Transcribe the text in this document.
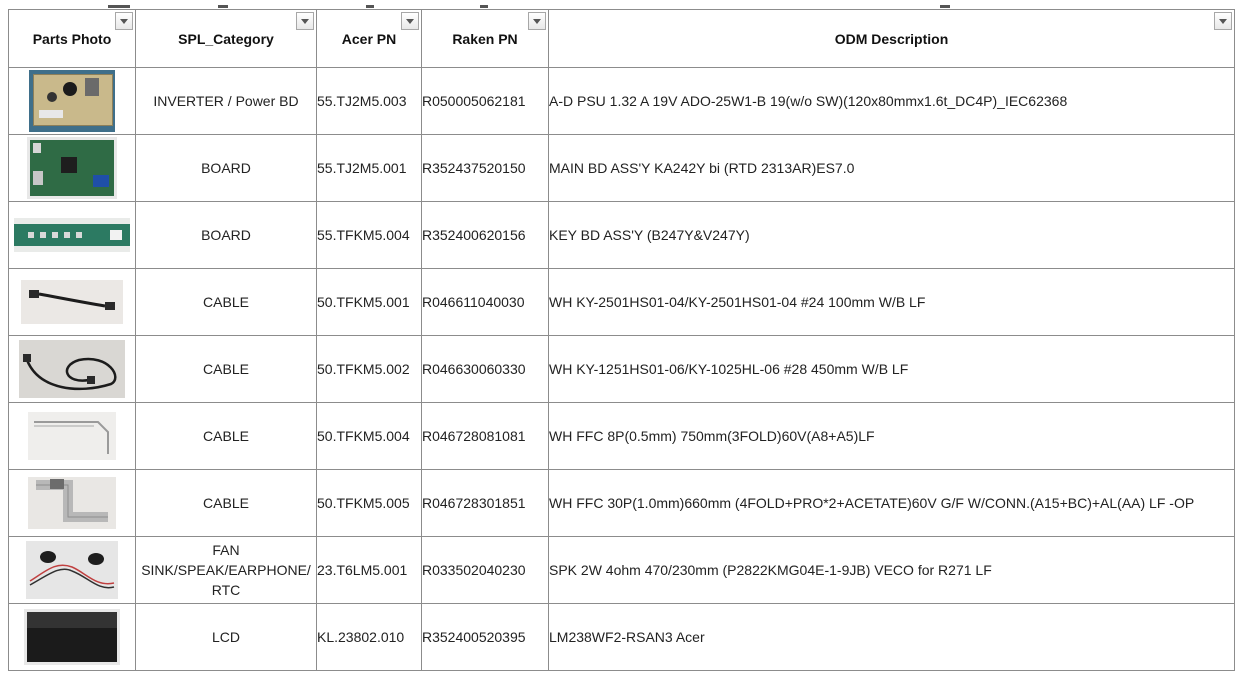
Parts Photo	SPL_Category	Acer PN	Raken PN	ODM Description

	INVERTER / Power BD	55.TJ2M5.003	R050005062181	A-D PSU 1.32 A 19V ADO-25W1-B 19(w/o SW)(120x80mmx1.6t_DC4P)_IEC62368

	BOARD	55.TJ2M5.001	R352437520150	MAIN BD ASS'Y KA242Y bi (RTD 2313AR)ES7.0

	BOARD	55.TFKM5.004	R352400620156	KEY BD ASS'Y (B247Y&V247Y)

	CABLE	50.TFKM5.001	R046611040030	WH KY-2501HS01-04/KY-2501HS01-04 #24 100mm W/B LF

	CABLE	50.TFKM5.002	R046630060330	WH KY-1251HS01-06/KY-1025HL-06 #28 450mm W/B LF

	CABLE	50.TFKM5.004	R046728081081	WH FFC 8P(0.5mm) 750mm(3FOLD)60V(A8+A5)LF

	CABLE	50.TFKM5.005	R046728301851	WH FFC 30P(1.0mm)660mm (4FOLD+PRO*2+ACETATE)60V G/F W/CONN.(A15+BC)+AL(AA) LF -OP

	FAN
SINK/SPEAK/EARPHONE/
RTC	23.T6LM5.001	R033502040230	SPK 2W 4ohm 470/230mm (P2822KMG04E-1-9JB) VECO for R271 LF

	LCD	KL.23802.010	R352400520395	LM238WF2-RSAN3 Acer
